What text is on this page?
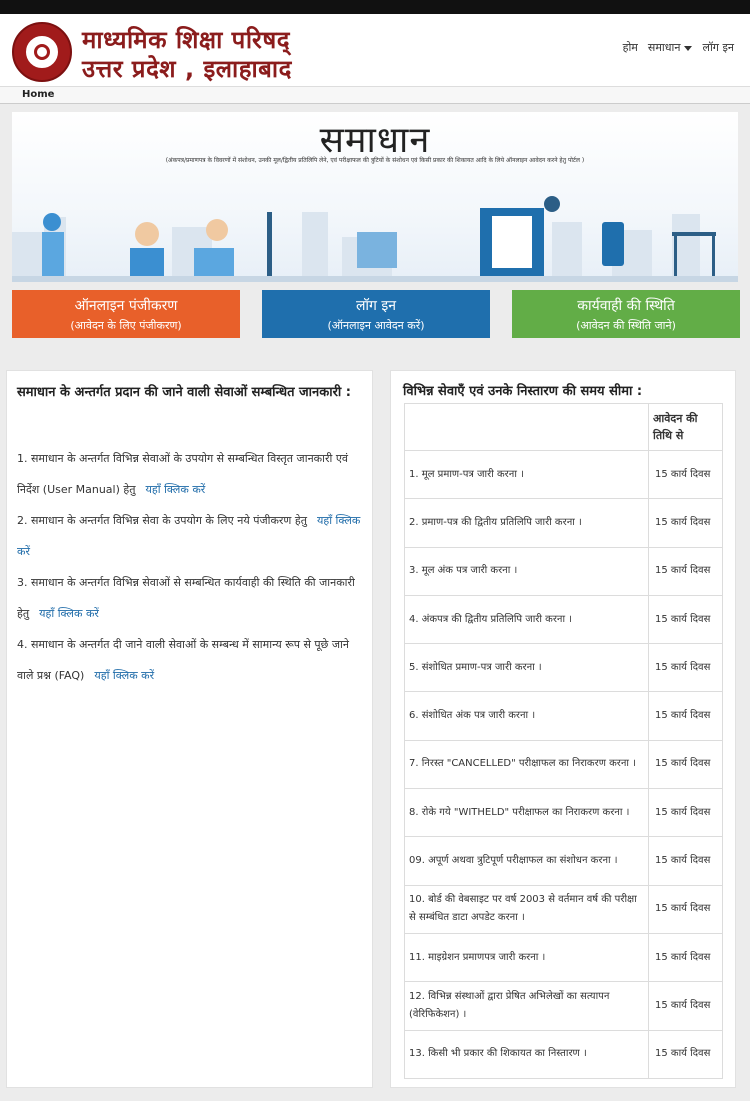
माध्यमिक शिक्षा परिषद्
उत्तर प्रदेश , इलाहाबाद
होम समाधान	लॉग इन
Home
समाधान
(अंकपत्र/प्रमाणपत्र के विवरणों में संशोधन, उनकी मूल/द्वितीय प्रतिलिपि लेने, एवं परीक्षाफल की त्रुटियों के संशोधन एवं किसी प्रकार की शिकायत आदि के लिये ऑनलाइन आवेदन करने हेतु पोर्टल )
ऑनलाइन पंजीकरण
(आवेदन के लिए पंजीकरण)
लॉग इन
(ऑनलाइन आवेदन करें)
कार्यवाही की स्थिति
(आवेदन की स्थिति जाने)
समाधान के अन्तर्गत प्रदान की जाने वाली सेवाओं सम्बन्धित जानकारी :
1. समाधान के अन्तर्गत विभिन्न सेवाओं के उपयोग से सम्बन्धित विस्तृत जानकारी एवं निर्देश (User Manual) हेतु यहाँ क्लिक करें
2. समाधान के अन्तर्गत विभिन्न सेवा के उपयोग के लिए नये पंजीकरण हेतु यहाँ क्लिक करें
3. समाधान के अन्तर्गत विभिन्न सेवाओं से सम्बन्धित कार्यवाही की स्थिति की जानकारी हेतु यहाँ क्लिक करें
4. समाधान के अन्तर्गत दी जाने वाली सेवाओं के सम्बन्ध में सामान्य रूप से पूछे जाने वाले प्रश्न (FAQ) यहाँ क्लिक करें
विभिन्न सेवाएँ एवं उनके निस्तारण की समय सीमा :
	आवेदन की तिथि से
1. मूल प्रमाण-पत्र जारी करना ।	15 कार्य दिवस
2. प्रमाण-पत्र की द्वितीय प्रतिलिपि जारी करना ।	15 कार्य दिवस
3. मूल अंक पत्र जारी करना ।	15 कार्य दिवस
4. अंकपत्र की द्वितीय प्रतिलिपि जारी करना ।	15 कार्य दिवस
5. संशोधित प्रमाण-पत्र जारी करना ।	15 कार्य दिवस
6. संशोधित अंक पत्र जारी करना ।	15 कार्य दिवस
7. निरस्त "CANCELLED" परीक्षाफल का निराकरण करना ।	15 कार्य दिवस
8. रोके गये "WITHELD" परीक्षाफल का निराकरण करना ।	15 कार्य दिवस
09. अपूर्ण अथवा त्रुटिपूर्ण परीक्षाफल का संशोधन करना ।	15 कार्य दिवस
10. बोर्ड की वेबसाइट पर वर्ष 2003 से वर्तमान वर्ष की परीक्षा से सम्बंधित डाटा अपडेट करना ।	15 कार्य दिवस
11. माइग्रेशन प्रमाणपत्र जारी करना ।	15 कार्य दिवस
12. विभिन्न संस्थाओं द्वारा प्रेषित अभिलेखों का सत्यापन (वेरिफिकेशन) ।	15 कार्य दिवस
13. किसी भी प्रकार की शिकायत का निस्तारण ।	15 कार्य दिवस
